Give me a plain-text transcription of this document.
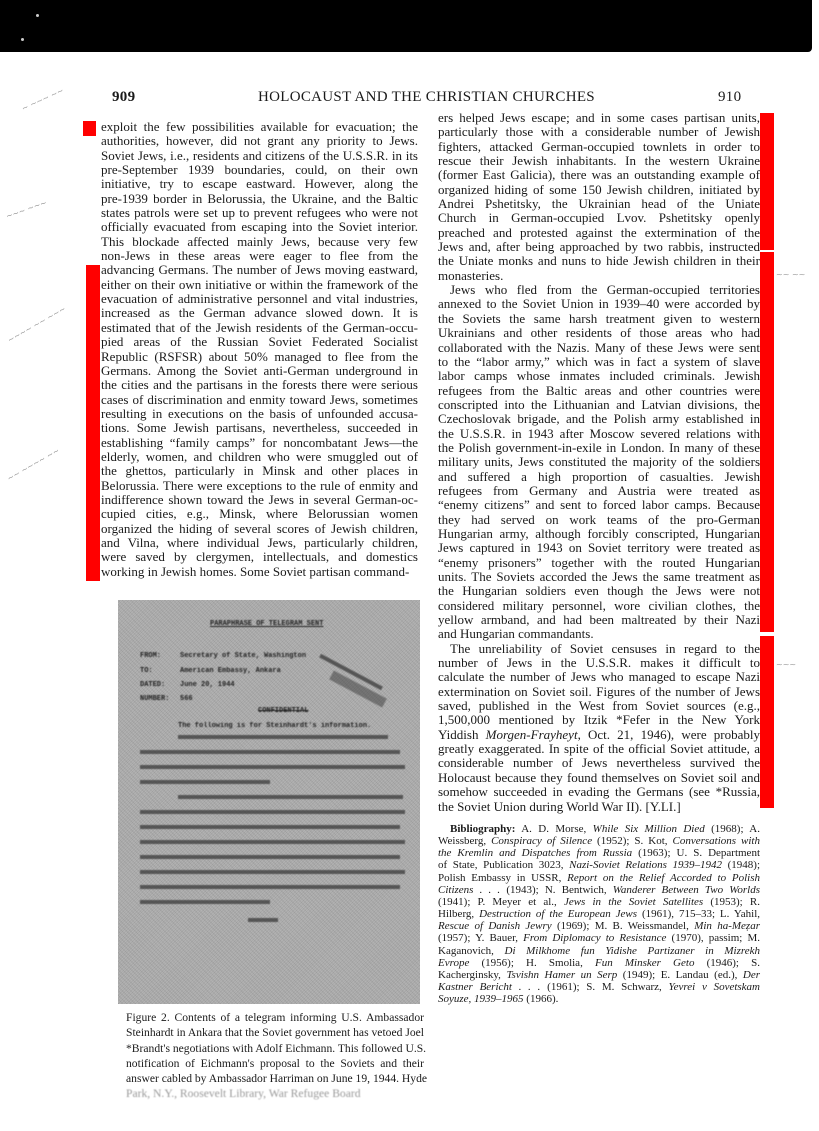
909	HOLOCAUST AND THE CHRISTIAN CHURCHES	910
~ ~~~ ~~
~~~ ~~~
~~~~ ~~ ~~~
~~ ~~~~ ~~
~~ ~~
~~~
exploit the few possibilities available for evacuation; the
authorities, however, did not grant any priority to Jews.
Soviet Jews, i.e., residents and citizens of the U.S.S.R. in its
pre-September 1939 boundaries, could, on their own
initiative, try to escape eastward. However, along the
pre-1939 border in Belorussia, the Ukraine, and the Baltic
states patrols were set up to prevent refugees who were not
officially evacuated from escaping into the Soviet interior.
This blockade affected mainly Jews, because very few
non-Jews in these areas were eager to flee from the
advancing Germans. The number of Jews moving eastward,
either on their own initiative or within the framework of the
evacuation of administrative personnel and vital industries,
increased as the German advance slowed down. It is
estimated that of the Jewish residents of the German-occu-
pied areas of the Russian Soviet Federated Socialist
Republic (RSFSR) about 50% managed to flee from the
Germans. Among the Soviet anti-German underground in
the cities and the partisans in the forests there were serious
cases of discrimination and enmity toward Jews, sometimes
resulting in executions on the basis of unfounded accusa-
tions. Some Jewish partisans, nevertheless, succeeded in
establishing “family camps” for noncombatant Jews—the
elderly, women, and children who were smuggled out of
the ghettos, particularly in Minsk and other places in
Belorussia. There were exceptions to the rule of enmity and
indifference shown toward the Jews in several German-oc-
cupied cities, e.g., Minsk, where Belorussian women
organized the hiding of several scores of Jewish children,
and Vilna, where individual Jews, particularly children,
were saved by clergymen, intellectuals, and domestics
working in Jewish homes. Some Soviet partisan command-
ers helped Jews escape; and in some cases partisan units,
particularly those with a considerable number of Jewish
fighters, attacked German-occupied townlets in order to
rescue their Jewish inhabitants. In the western Ukraine
(former East Galicia), there was an outstanding example of
organized hiding of some 150 Jewish children, initiated by
Andrei Pshetitsky, the Ukrainian head of the Uniate
Church in German-occupied Lvov. Pshetitsky openly
preached and protested against the extermination of the
Jews and, after being approached by two rabbis, instructed
the Uniate monks and nuns to hide Jewish children in their
monasteries.
Jews who fled from the German-occupied territories
annexed to the Soviet Union in 1939–40 were accorded by
the Soviets the same harsh treatment given to western
Ukrainians and other residents of those areas who had
collaborated with the Nazis. Many of these Jews were sent
to the “labor army,” which was in fact a system of slave
labor camps whose inmates included criminals. Jewish
refugees from the Baltic areas and other countries were
conscripted into the Lithuanian and Latvian divisions, the
Czechoslovak brigade, and the Polish army established in
the U.S.S.R. in 1943 after Moscow severed relations with
the Polish government-in-exile in London. In many of these
military units, Jews constituted the majority of the soldiers
and suffered a high proportion of casualties. Jewish
refugees from Germany and Austria were treated as
“enemy citizens” and sent to forced labor camps. Because
they had served on work teams of the pro-German
Hungarian army, although forcibly conscripted, Hungarian
Jews captured in 1943 on Soviet territory were treated as
“enemy prisoners” together with the routed Hungarian
units. The Soviets accorded the Jews the same treatment as
the Hungarian soldiers even though the Jews were not
considered military personnel, wore civilian clothes, the
yellow armband, and had been maltreated by their Nazi
and Hungarian commandants.
The unreliability of Soviet censuses in regard to the
number of Jews in the U.S.S.R. makes it difficult to
calculate the number of Jews who managed to escape Nazi
extermination on Soviet soil. Figures of the number of Jews
saved, published in the West from Soviet sources (e.g.,
1,500,000 mentioned by Itzik *Fefer in the New York
Yiddish Morgen-Frayheyt, Oct. 21, 1946), were probably
greatly exaggerated. In spite of the official Soviet attitude, a
considerable number of Jews nevertheless survived the
Holocaust because they found themselves on Soviet soil and
somehow succeeded in evading the Germans (see *Russia,
the Soviet Union during World War II). [Y.LI.]
Bibliography: A. D. Morse, While Six Million Died (1968); A.
Weissberg, Conspiracy of Silence (1952); S. Kot, Conversations with
the Kremlin and Dispatches from Russia (1963); U. S. Department
of State, Publication 3023, Nazi-Soviet Relations 1939–1942 (1948);
Polish Embassy in USSR, Report on the Relief Accorded to Polish
Citizens . . . (1943); N. Bentwich, Wanderer Between Two Worlds
(1941); P. Meyer et al., Jews in the Soviet Satellites (1953); R.
Hilberg, Destruction of the European Jews (1961), 715–33; L. Yahil,
Rescue of Danish Jewry (1969); M. B. Weissmandel, Min ha-Meẓar
(1957); Y. Bauer, From Diplomacy to Resistance (1970), passim; M.
Kaganovich, Di Milkhome fun Yidishe Partizaner in Mizrekh
Evrope (1956); H. Smolia, Fun Minsker Geto (1946); S.
Kacherginsky, Tsvishn Hamer un Serp (1949); E. Landau (ed.), Der
Kastner Bericht . . . (1961); S. M. Schwarz, Yevrei v Sovetskam
Soyuze, 1939–1965 (1966).
PARAPHRASE OF TELEGRAM SENT
FROM:	Secretary of State, Washington
TO:	American Embassy, Ankara
DATED: June 20, 1944
NUMBER: 566
CONFIDENTIAL
The following is for Steinhardt's information.
Figure 2. Contents of a telegram informing U.S. Ambassador
Steinhardt in Ankara that the Soviet government has vetoed Joel
*Brandt's negotiations with Adolf Eichmann. This followed U.S.
notification of Eichmann's proposal to the Soviets and their
answer cabled by Ambassador Harriman on June 19, 1944. Hyde
Park, N.Y., Roosevelt Library, War Refugee Board
